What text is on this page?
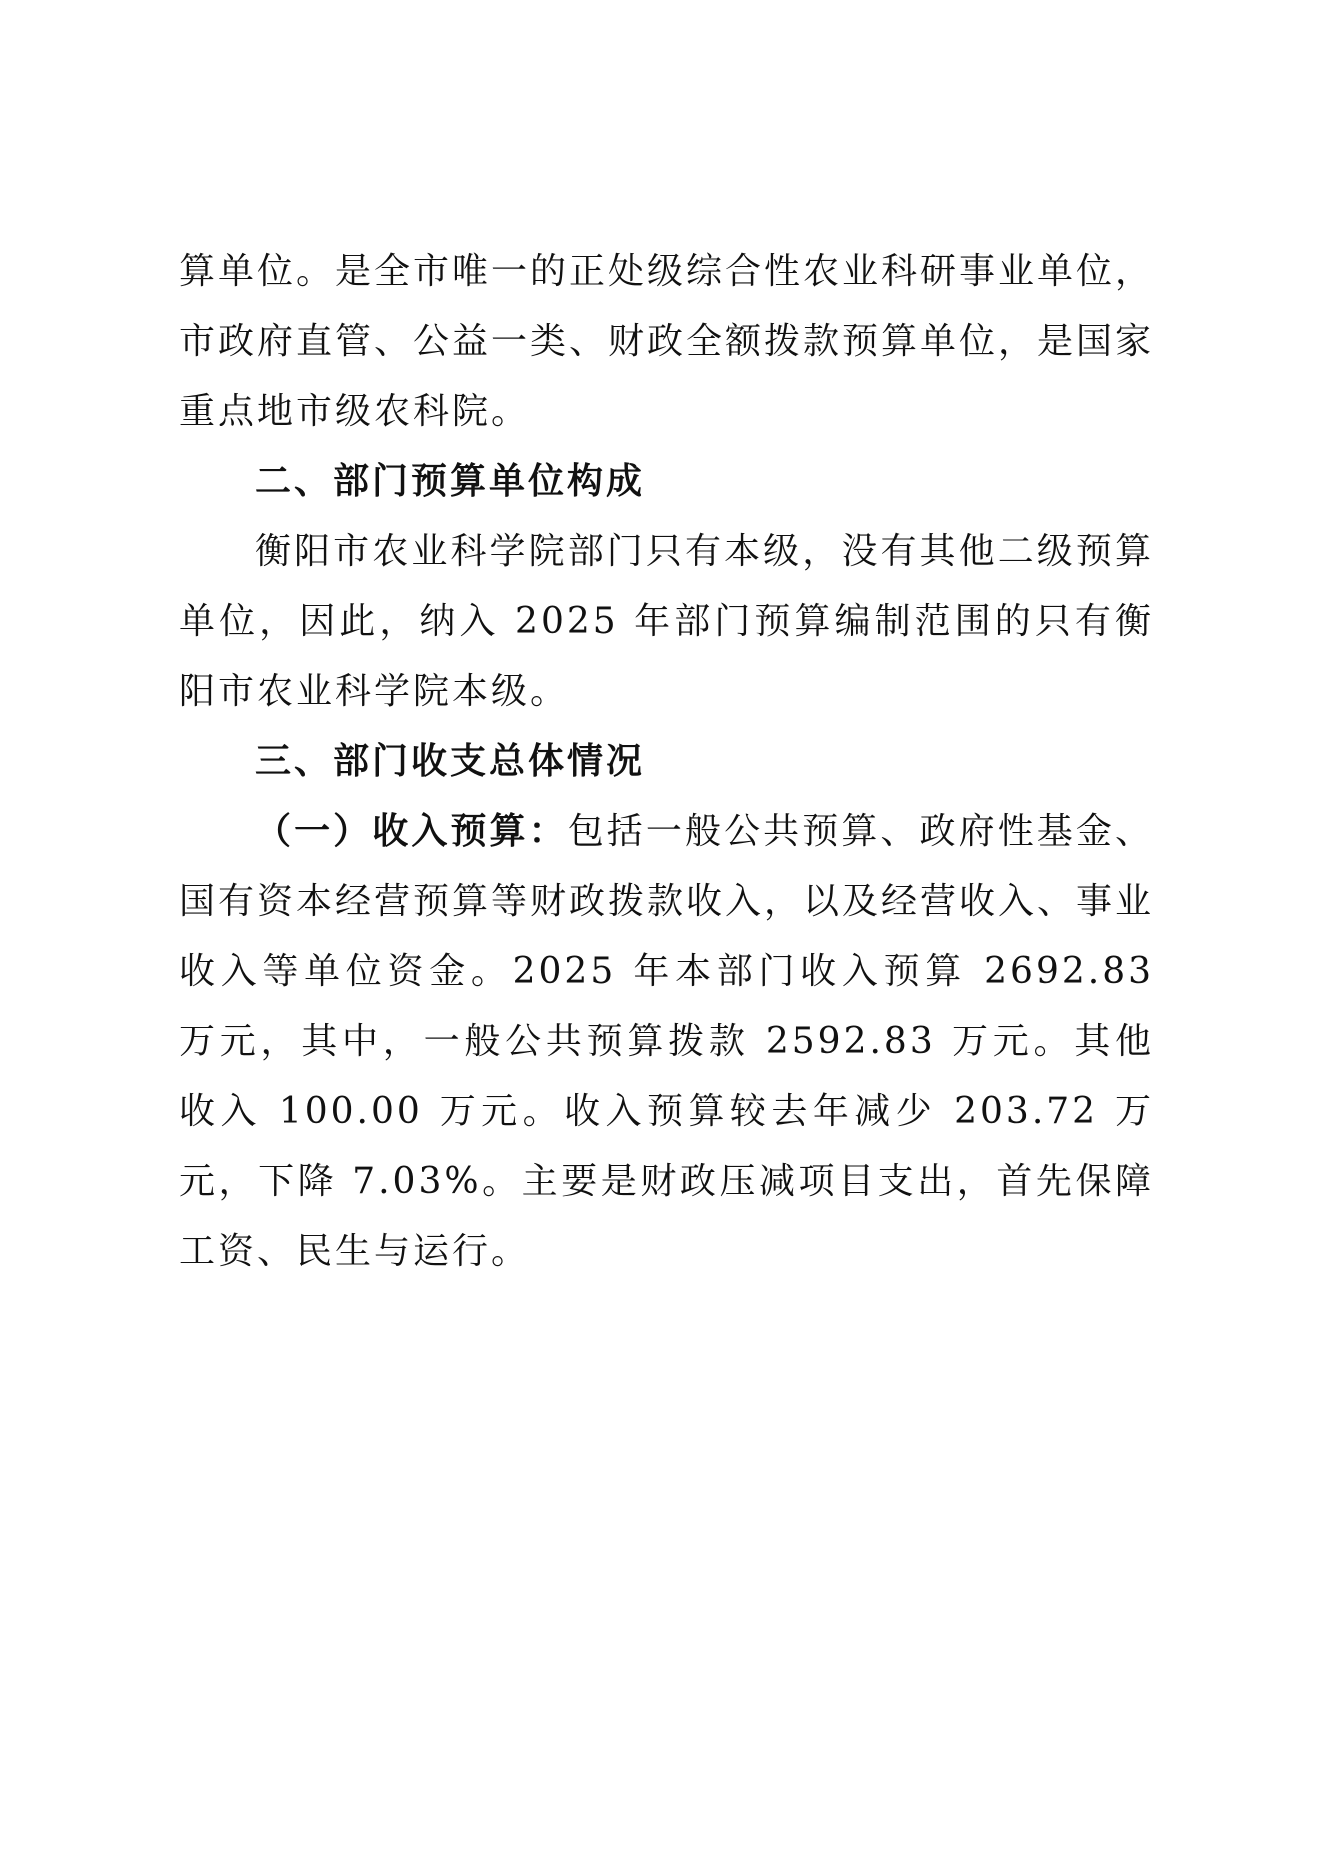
算单位。是全市唯一的正处级综合性农业科研事业单位，市政府直管、公益一类、财政全额拨款预算单位，是国家重点地市级农科院。

二、部门预算单位构成

衡阳市农业科学院部门只有本级，没有其他二级预算单位，因此，纳入 2025 年部门预算编制范围的只有衡阳市农业科学院本级。

三、部门收支总体情况

（一）收入预算：包括一般公共预算、政府性基金、国有资本经营预算等财政拨款收入，以及经营收入、事业收入等单位资金。2025 年本部门收入预算 2692.83 万元，其中，一般公共预算拨款 2592.83 万元。其他收入 100.00 万元。收入预算较去年减少 203.72 万元，下降 7.03%。主要是财政压减项目支出，首先保障工资、民生与运行。
